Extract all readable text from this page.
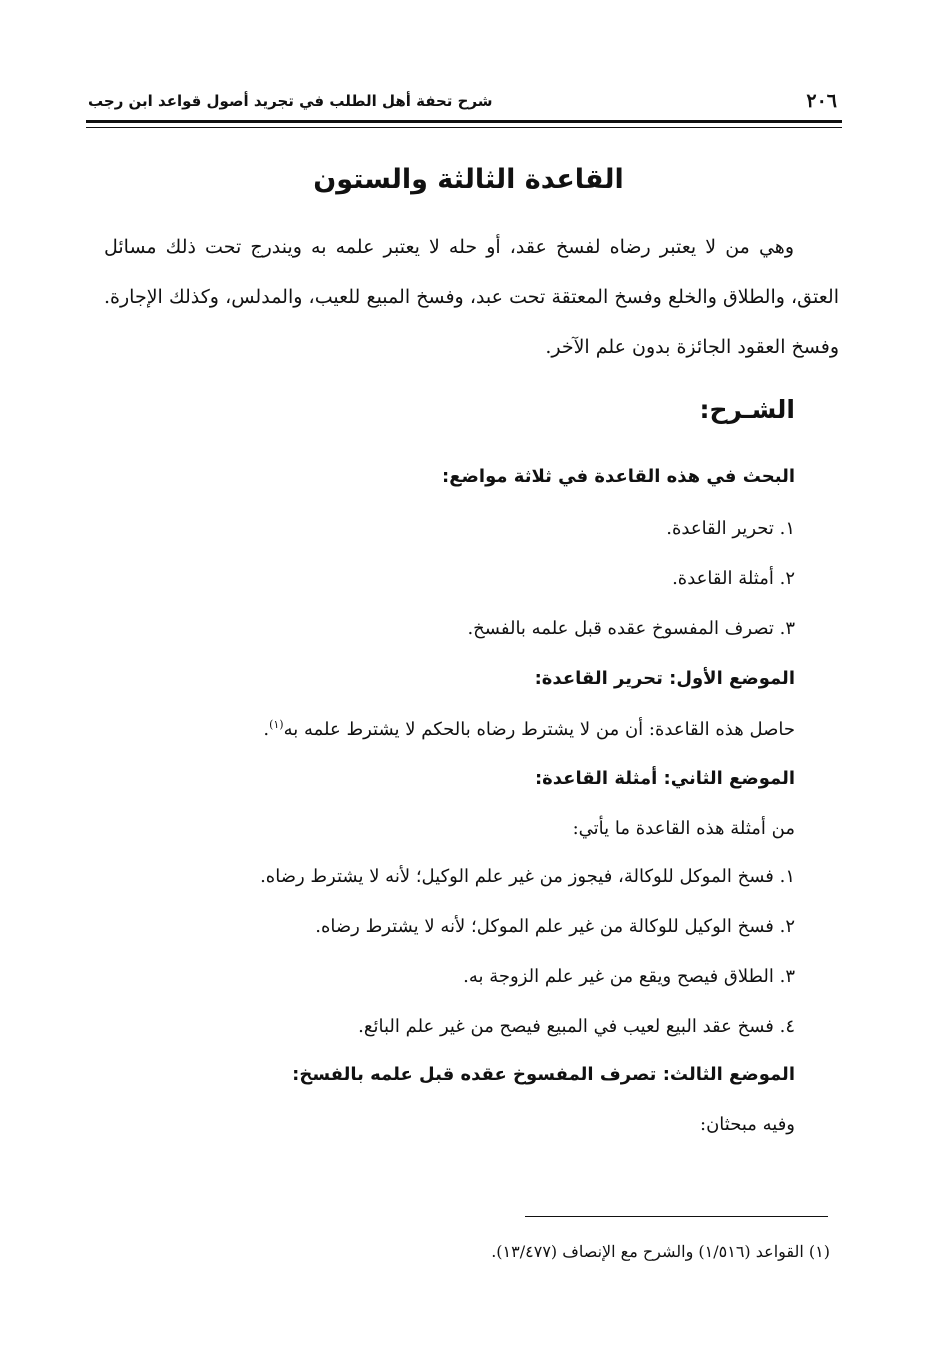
٢٠٦
شرح تحفة أهل الطلب في تجريد أصول قواعد ابن رجب
القاعدة الثالثة والستون

وهي من لا يعتبر رضاه لفسخ عقد، أو حله لا يعتبر علمه به ويندرج تحت ذلك مسائل العتق، والطلاق والخلع وفسخ المعتقة تحت عبد، وفسخ المبيع للعيب، والمدلس، وكذلك الإجارة. وفسخ العقود الجائزة بدون علم الآخر.

الشـرح:
البحث في هذه القاعدة في ثلاثة مواضع:
١. تحرير القاعدة.
٢. أمثلة القاعدة.
٣. تصرف المفسوخ عقده قبل علمه بالفسخ.
الموضع الأول: تحرير القاعدة:
حاصل هذه القاعدة: أن من لا يشترط رضاه بالحكم لا يشترط علمه به$^{(١)}$.
الموضع الثاني: أمثلة القاعدة:
من أمثلة هذه القاعدة ما يأتي:
١. فسخ الموكل للوكالة، فيجوز من غير علم الوكيل؛ لأنه لا يشترط رضاه.
٢. فسخ الوكيل للوكالة من غير علم الموكل؛ لأنه لا يشترط رضاه.
٣. الطلاق فيصح ويقع من غير علم الزوجة به.
٤. فسخ عقد البيع لعيب في المبيع فيصح من غير علم البائع.
الموضع الثالث: تصرف المفسوخ عقده قبل علمه بالفسخ:
وفيه مبحثان:
(١) القواعد (١/٥١٦) والشرح مع الإنصاف (١٣/٤٧٧).
